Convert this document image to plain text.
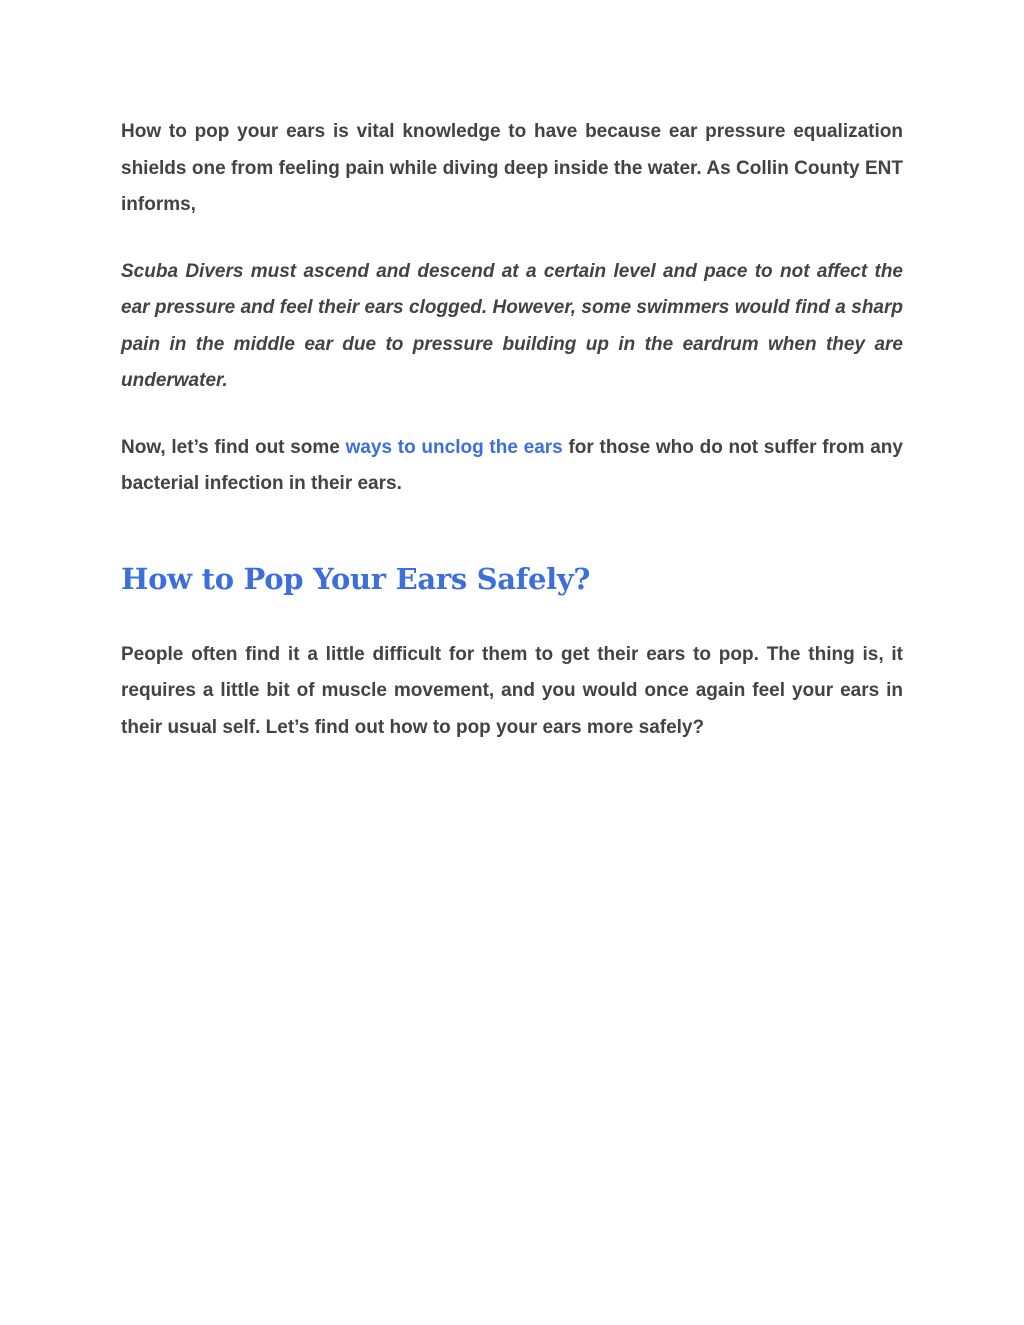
How to pop your ears is vital knowledge to have because ear pressure equalization shields one from feeling pain while diving deep inside the water. As Collin County ENT informs,

Scuba Divers must ascend and descend at a certain level and pace to not affect the ear pressure and feel their ears clogged. However, some swimmers would find a sharp pain in the middle ear due to pressure building up in the eardrum when they are underwater.

Now, let’s find out some ways to unclog the ears for those who do not suffer from any bacterial infection in their ears.

How to Pop Your Ears Safely?

People often find it a little difficult for them to get their ears to pop. The thing is, it requires a little bit of muscle movement, and you would once again feel your ears in their usual self. Let’s find out how to pop your ears more safely?
